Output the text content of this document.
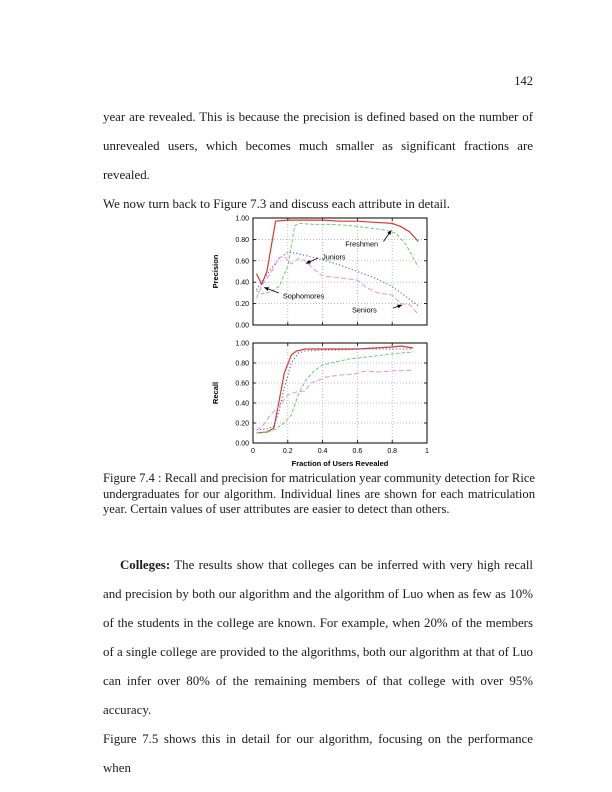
142
year are revealed. This is because the precision is defined based on the number of
unrevealed users, which becomes much smaller as significant fractions are revealed.
We now turn back to Figure 7.3 and discuss each attribute in detail.
0.00
0.20
0.40
0.60
0.80
1.00
Freshmen
Juniors
Sophomores
Seniors
Precision
0.00
0.20
0.40
0.60
0.80
1.00
0	0.2	0.4	0.6	0.8	1
Recall
Fraction of Users Revealed
Figure 7.4 : Recall and precision for matriculation year community detection for Rice
undergraduates for our algorithm. Individual lines are shown for each matriculation
year. Certain values of user attributes are easier to detect than others.
Colleges: The results show that colleges can be inferred with very high recall
and precision by both our algorithm and the algorithm of Luo when as few as 10%
of the students in the college are known. For example, when 20% of the members
of a single college are provided to the algorithms, both our algorithm at that of Luo
can infer over 80% of the remaining members of that college with over 95% accuracy.
Figure 7.5 shows this in detail for our algorithm, focusing on the performance when
